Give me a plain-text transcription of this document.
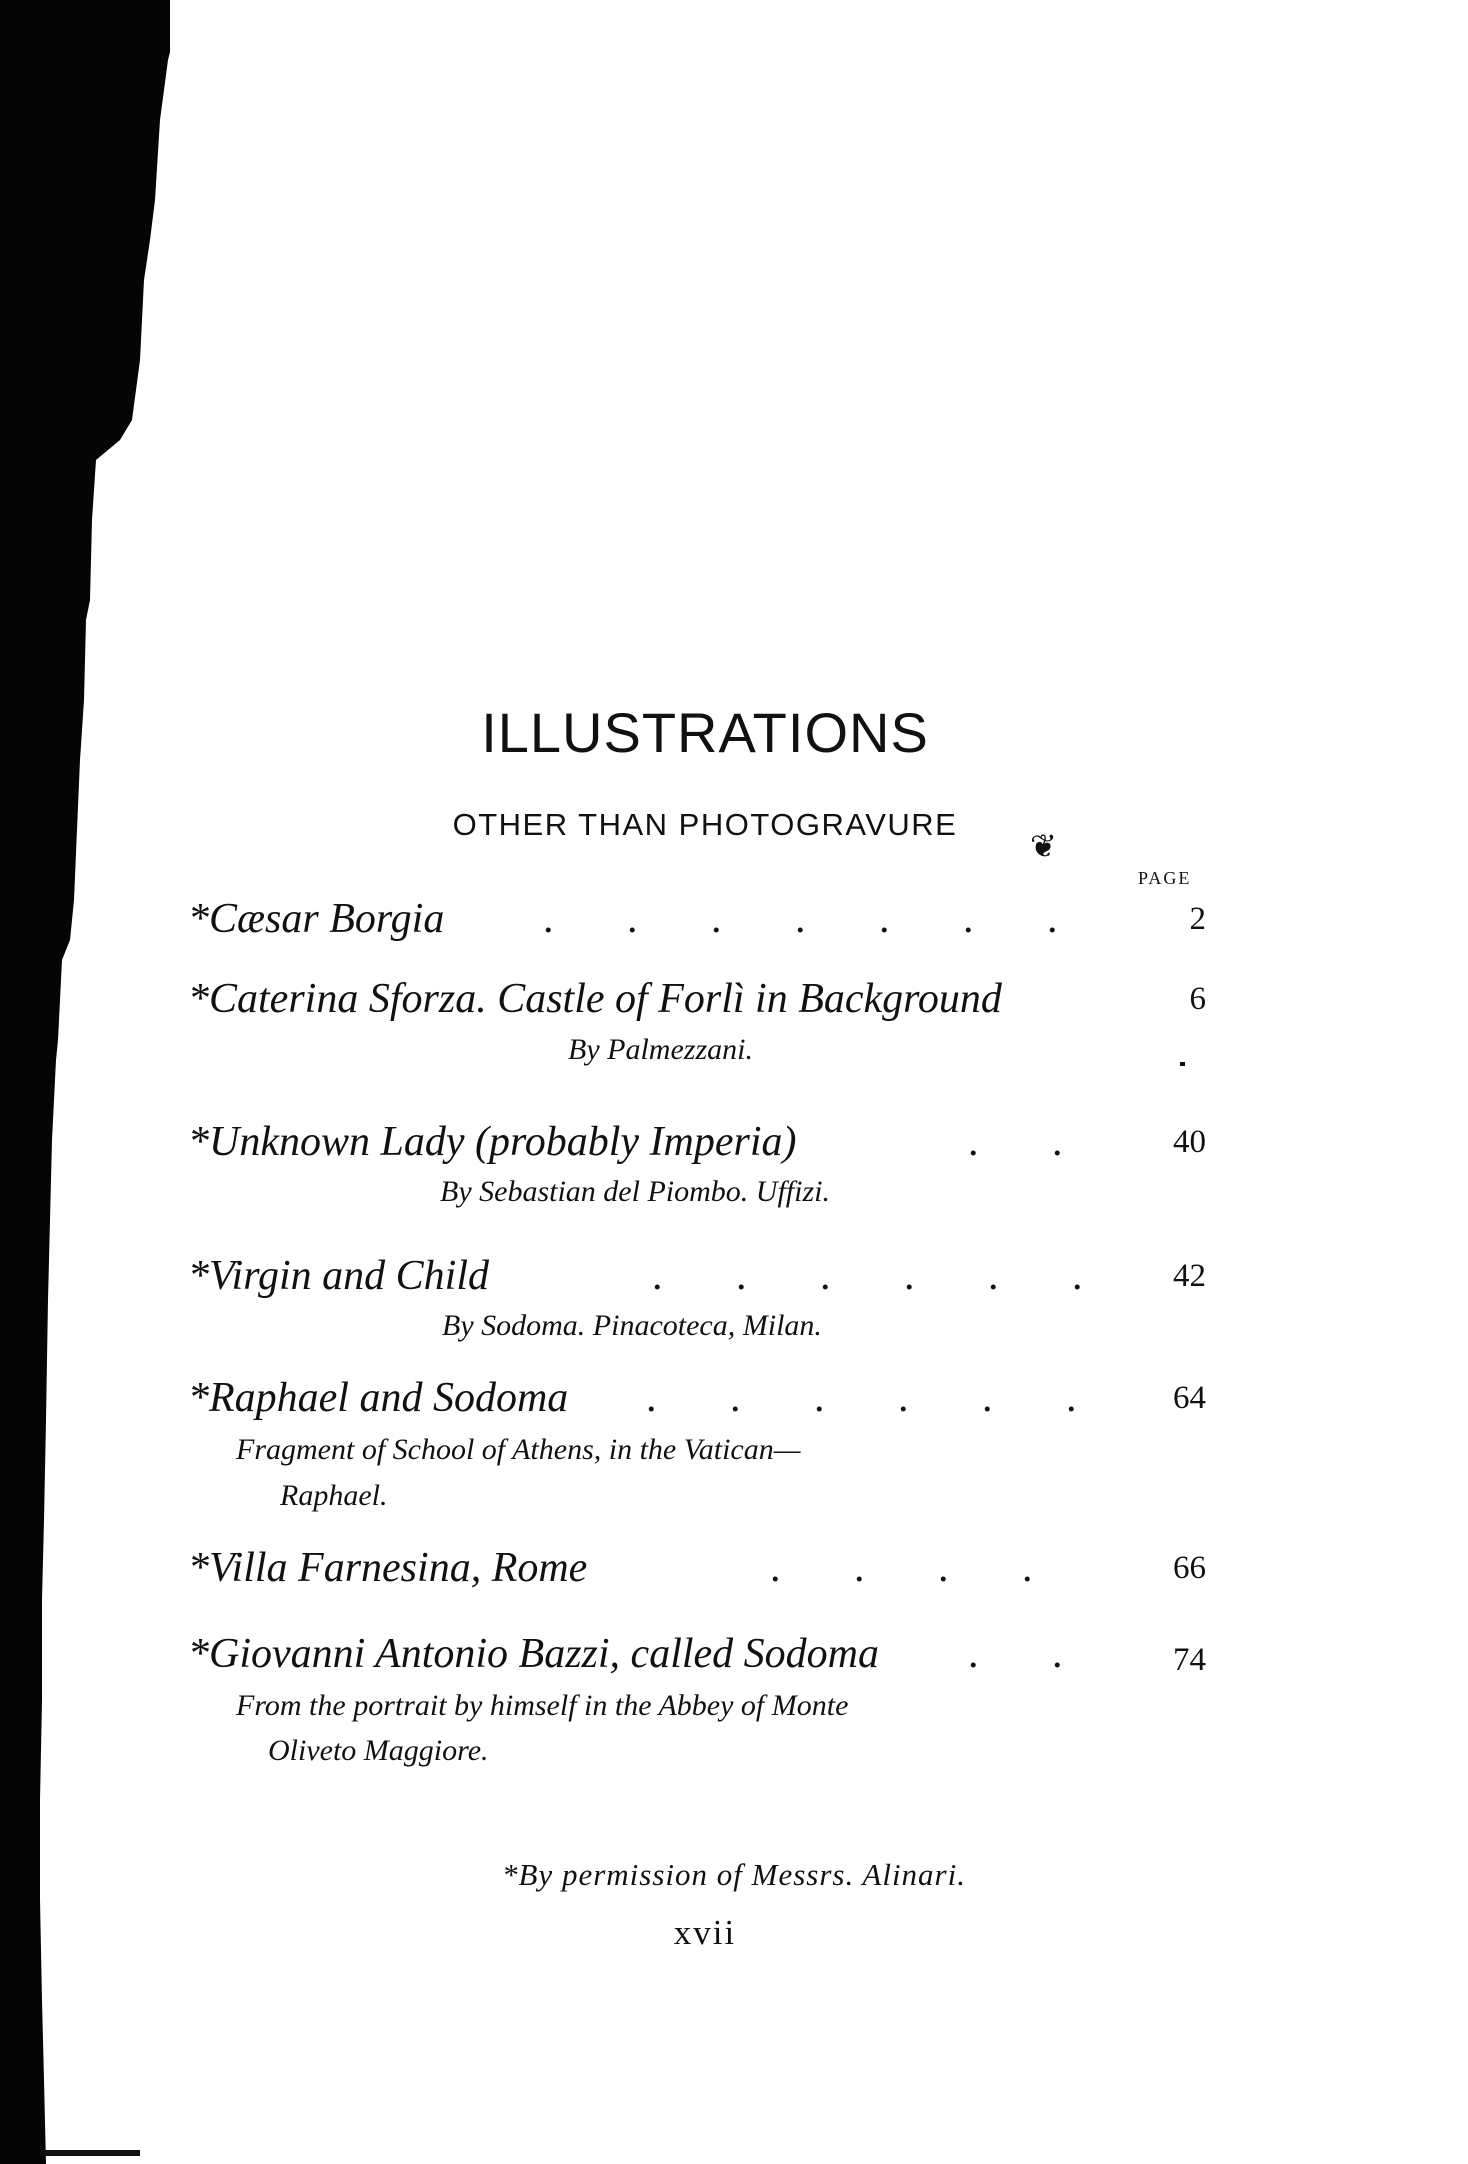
ILLUSTRATIONS
OTHER THAN PHOTOGRAVURE
❦
PAGE
*Cæsar Borgia .       .       .       .       .       .       .	2
*Caterina Sforza. Castle of Forlì in Background	6
By Palmezzani.
*Unknown Lady (probably Imperia)	.       .	40
By Sebastian del Piombo. Uffizi.
*Virgin and Child	.       .       .       .       .       .	42
By Sodoma. Pinacoteca, Milan.
*Raphael and Sodoma .       .       .       .       .       .	64
Fragment of School of Athens, in the Vatican—
Raphael.
*Villa Farnesina, Rome	.       .       .       .	66
*Giovanni Antonio Bazzi, called Sodoma .       .	74
From the portrait by himself in the Abbey of Monte
Oliveto Maggiore.
*By permission of Messrs. Alinari.
xvii
